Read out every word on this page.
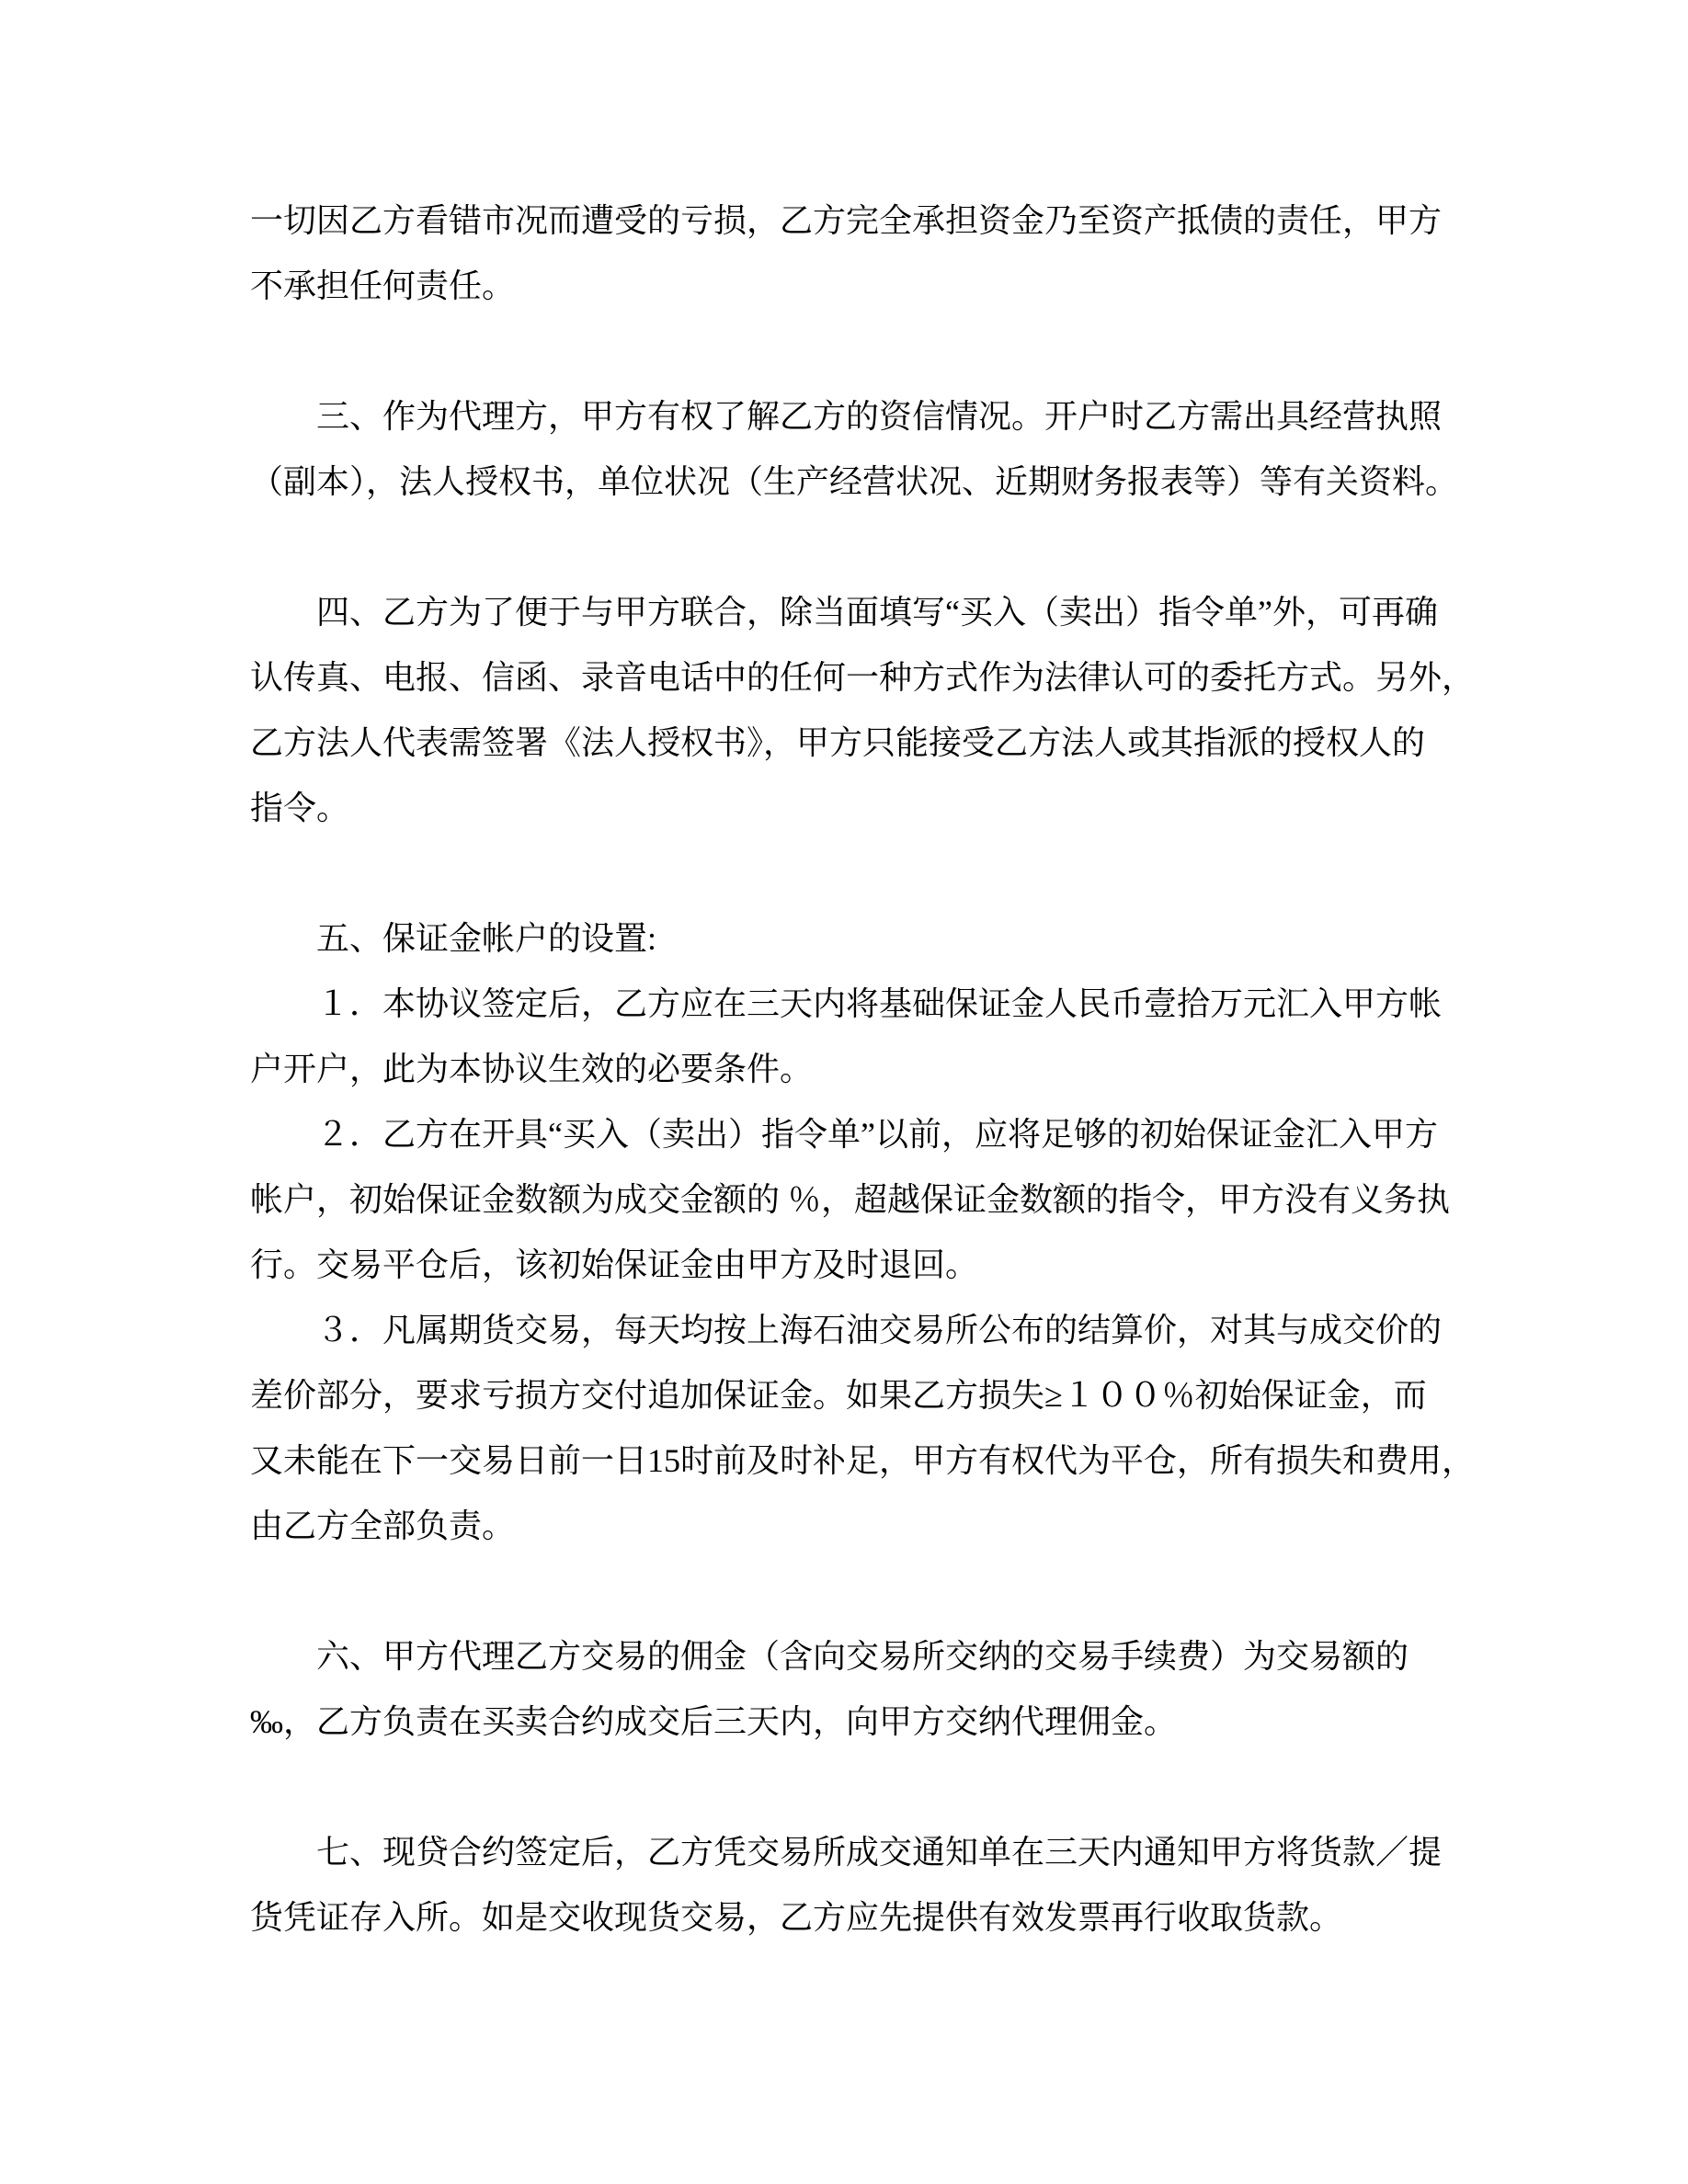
一切因乙方看错市况而遭受的亏损，乙方完全承担资金乃至资产抵债的责任，甲方
不承担任何责任。
　　三、作为代理方，甲方有权了解乙方的资信情况。开户时乙方需出具经营执照
（副本），法人授权书，单位状况（生产经营状况、近期财务报表等）等有关资料。
　　四、乙方为了便于与甲方联合，除当面填写“买入（卖出）指令单”外，可再确
认传真、电报、信函、录音电话中的任何一种方式作为法律认可的委托方式。另外，
乙方法人代表需签署《法人授权书》，甲方只能接受乙方法人或其指派的授权人的
指令。
　　五、保证金帐户的设置:
　　１．本协议签定后，乙方应在三天内将基础保证金人民币壹拾万元汇入甲方帐
户开户，此为本协议生效的必要条件。
　　２．乙方在开具“买入（卖出）指令单”以前，应将足够的初始保证金汇入甲方
帐户，初始保证金数额为成交金额的 ％，超越保证金数额的指令，甲方没有义务执
行。交易平仓后，该初始保证金由甲方及时退回。
　　３．凡属期货交易，每天均按上海石油交易所公布的结算价，对其与成交价的
差价部分，要求亏损方交付追加保证金。如果乙方损失≥１００％初始保证金，而
又未能在下一交易日前一日15时前及时补足，甲方有权代为平仓，所有损失和费用，
由乙方全部负责。
　　六、甲方代理乙方交易的佣金（含向交易所交纳的交易手续费）为交易额的
‰，乙方负责在买卖合约成交后三天内，向甲方交纳代理佣金。
　　七、现贷合约签定后，乙方凭交易所成交通知单在三天内通知甲方将货款／提
货凭证存入所。如是交收现货交易，乙方应先提供有效发票再行收取货款。
